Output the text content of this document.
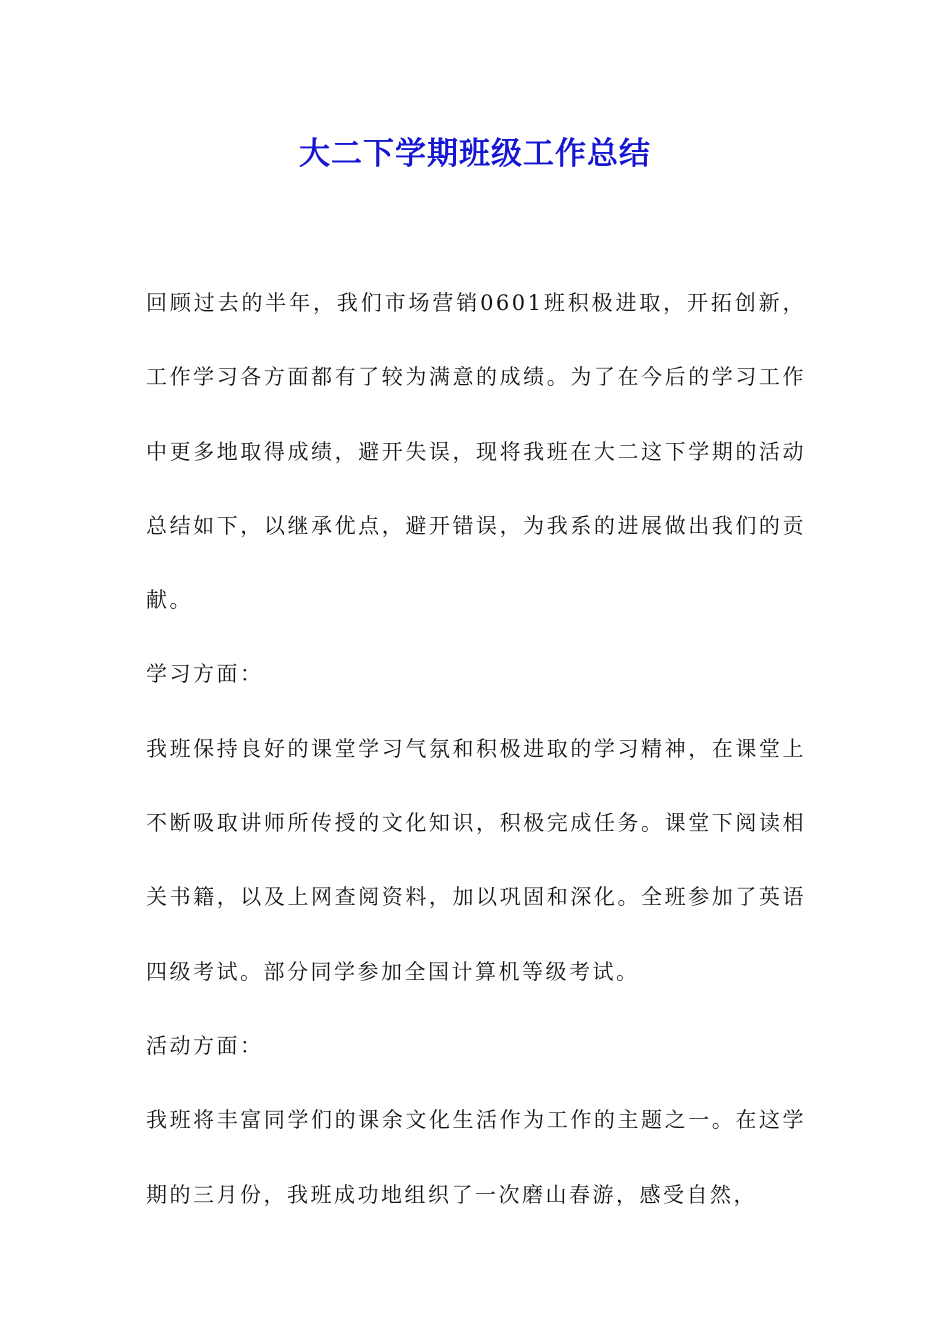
大二下学期班级工作总结

回顾过去的半年，我们市场营销0601班积极进取，开拓创新，工作学习各方面都有了较为满意的成绩。为了在今后的学习工作中更多地取得成绩，避开失误，现将我班在大二这下学期的活动总结如下，以继承优点，避开错误，为我系的进展做出我们的贡献。

学习方面：

我班保持良好的课堂学习气氛和积极进取的学习精神，在课堂上不断吸取讲师所传授的文化知识，积极完成任务。课堂下阅读相关书籍，以及上网查阅资料，加以巩固和深化。全班参加了英语四级考试。部分同学参加全国计算机等级考试。

活动方面：

我班将丰富同学们的课余文化生活作为工作的主题之一。在这学期的三月份，我班成功地组织了一次磨山春游，感受自然，
